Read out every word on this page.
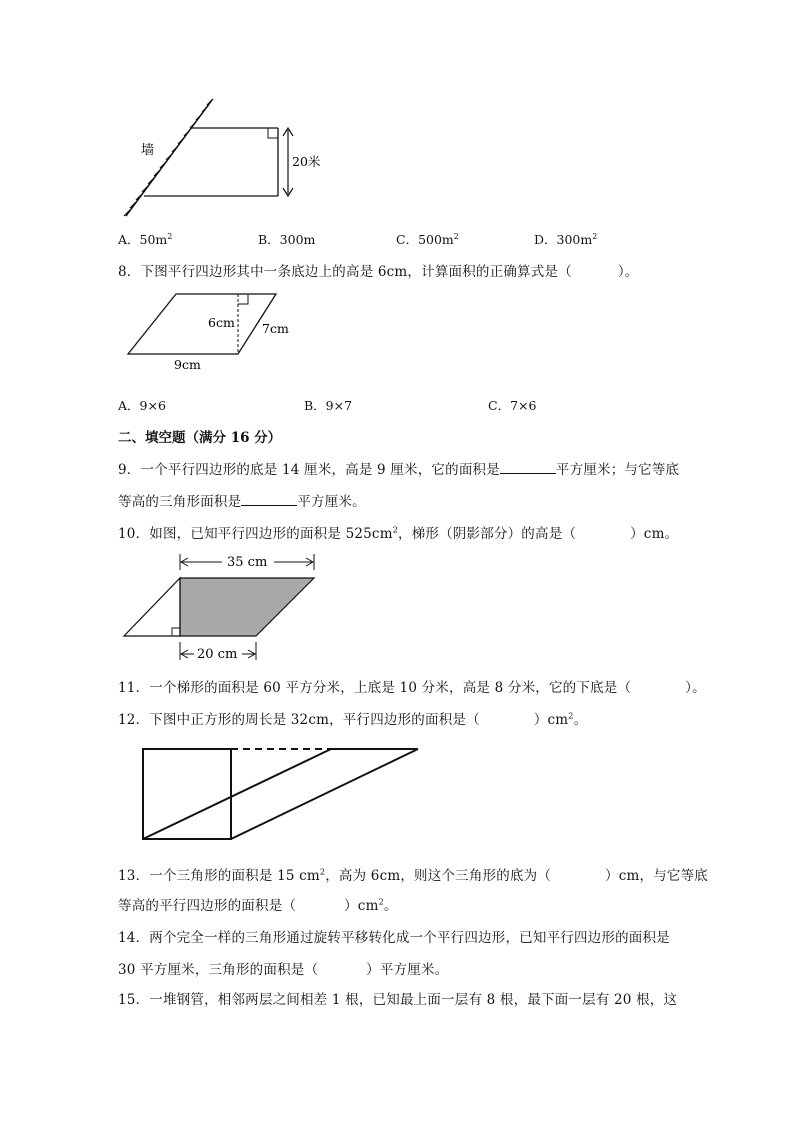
墙
20米
A．$50m^2$	B．300m	C．$500m^2$	D．$300m^2$
8．下图平行四边形其中一条底边上的高是 6cm，计算面积的正确算式是（	）。
6cm 7cm
9cm
A．9×6	B．9×7	C．7×6
二、填空题（满分 16 分）
9．一个平行四边形的底是 14 厘米，高是 9 厘米，它的面积是	平方厘米；与它等底
等高的三角形面积是	平方厘米。
10．如图，已知平行四边形的面积是 $525cm^2$，梯形（阴影部分）的高是（	）cm。
35 cm
20 cm
11．一个梯形的面积是 60 平方分米，上底是 10 分米，高是 8 分米，它的下底是（	）。
12．下图中正方形的周长是 32cm，平行四边形的面积是（	）$cm^2$。
13．一个三角形的面积是 15 $cm^2$，高为 6cm，则这个三角形的底为（	）cm，与它等底
等高的平行四边形的面积是（	）$cm^2$。
14．两个完全一样的三角形通过旋转平移转化成一个平行四边形，已知平行四边形的面积是
30 平方厘米，三角形的面积是（	）平方厘米。
15．一堆钢管，相邻两层之间相差 1 根，已知最上面一层有 8 根，最下面一层有 20 根，这
